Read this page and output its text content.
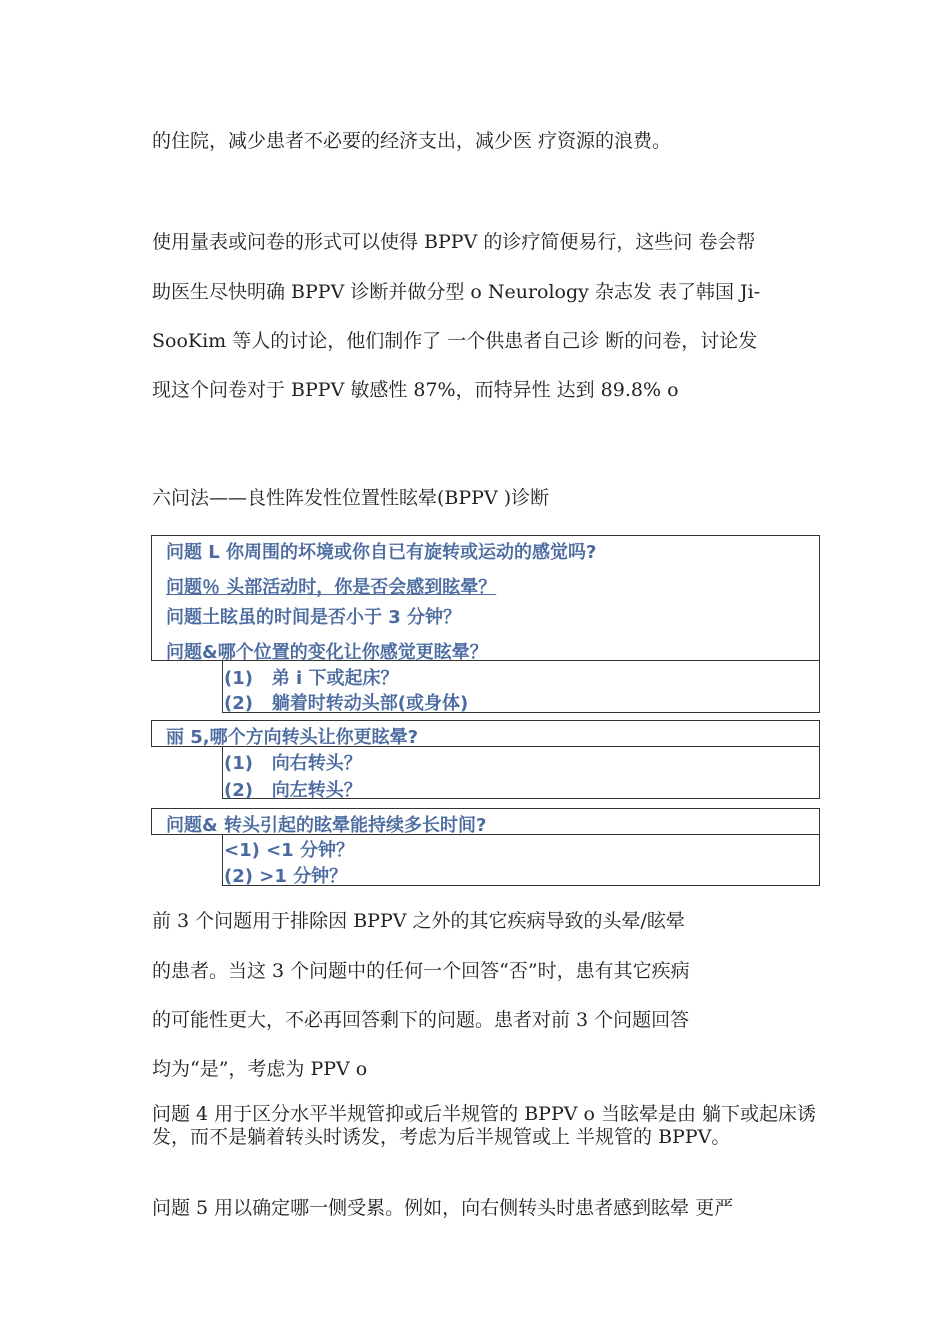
的住院，减少患者不必要的经济支出，减少医 疗资源的浪费。
使用量表或问卷的形式可以使得 BPPV 的诊疗简便易行，这些问 卷会帮
助医生尽快明确 BPPV 诊断并做分型 o Neurology 杂志发 表了韩国 Ji-
SooKim 等人的讨论，他们制作了 一个供患者自己诊 断的问卷，讨论发
现这个问卷对于 BPPV 敏感性 87%，而特异性 达到 89.8% o
六问法——良性阵发性位置性眩晕(BPPV )诊断
问题 L 你周围的坏境或你自已有旋转或运动的感觉吗?
问题％ 头部活动时，你是否会感到眩晕？
问题土眩虽的时间是否小于 3 分钟？
问题&哪个位置的变化让你感觉更眩晕？
(1)   弟 i 下或起床？
(2)   躺着时转动头部(或身体)
丽 5,哪个方向转头让你更眩晕?
(1)   向右转头？
(2)   向左转头？
问题& 转头引起的眩晕能持续多长时间?
<1) <1 分钟？
(2) >1 分钟？
前 3 个问题用于排除因 BPPV 之外的其它疾病导致的头晕/眩晕
的患者。当这 3 个问题中的任何一个回答“否”时，患有其它疾病
的可能性更大，不必再回答剩下的问题。患者对前 3 个问题回答
均为“是”，考虑为 PPV o
问题 4 用于区分水平半规管抑或后半规管的 BPPV o 当眩晕是由 躺下或起床诱发，而不是躺着转头时诱发，考虑为后半规管或上 半规管的 BPPV。
问题 5 用以确定哪一侧受累。例如，向右侧转头时患者感到眩晕 更严
